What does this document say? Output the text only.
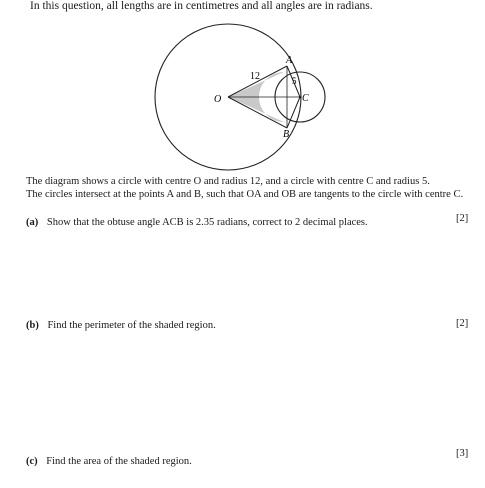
In this question, all lengths are in centimetres and all angles are in radians.
O
A
B
C
12	5
The diagram shows a circle with centre O and radius 12, and a circle with centre C and radius 5.
The circles intersect at the points A and B, such that OA and OB are tangents to the circle with centre C.
(a) Show that the obtuse angle ACB is 2.35 radians, correct to 2 decimal places.	[2]
(b) Find the perimeter of the shaded region.	[2]
(c) Find the area of the shaded region.
[3]
